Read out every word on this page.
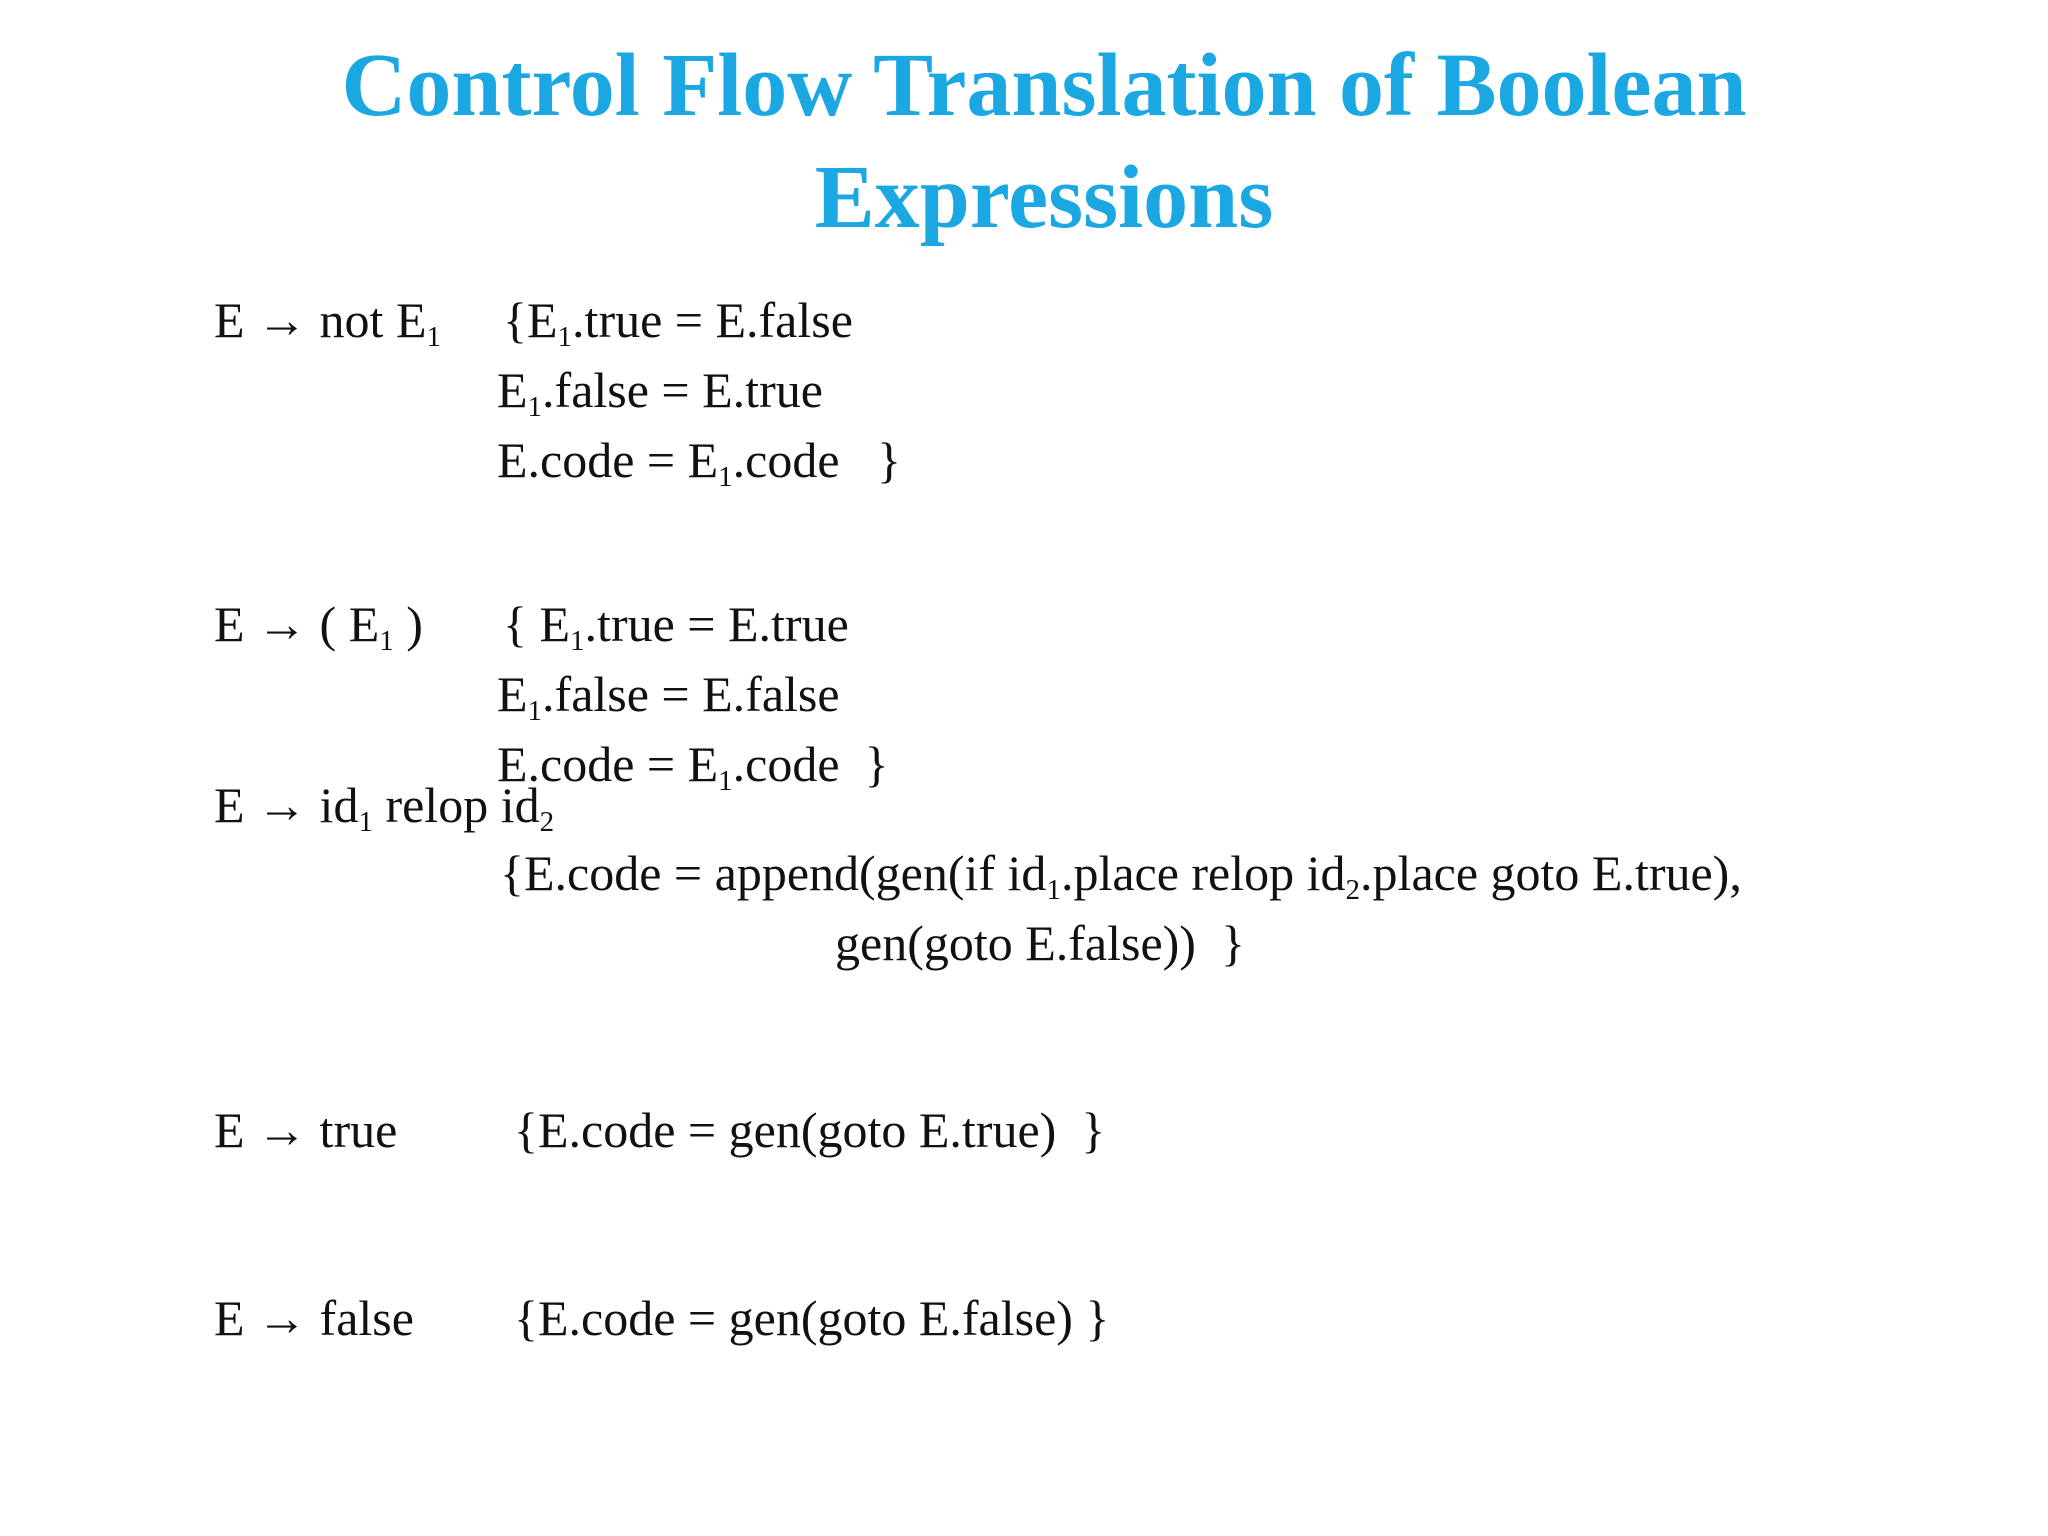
Control Flow Translation of Boolean
Expressions
E → not $E_1$ {$E_1.true$ = E.false
$E_1.false$ = E.true
E.code = $E_1.code$   }
E → ( $E_1$ ) { $E_1.true$ = E.true
$E_1.false$ = E.false
E.code = $E_1.code$  }
$E \to id_1$ relop $id_2$
{E.code = append(gen(if $id_1.place$ relop $id_2.place$ goto E.true),
gen(goto E.false))  }
E → true {E.code = gen(goto E.true)  }
E → false {E.code = gen(goto E.false) }
